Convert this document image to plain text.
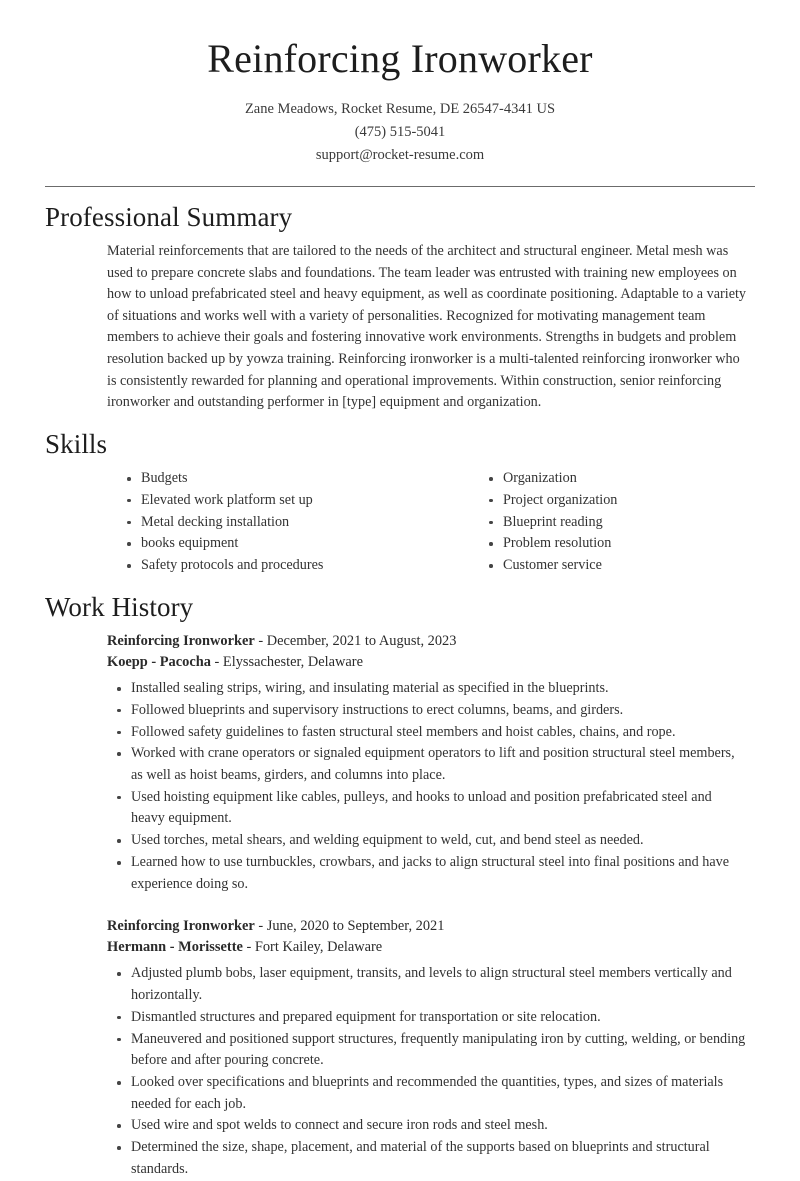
Reinforcing Ironworker
Zane Meadows, Rocket Resume, DE 26547-4341 US
(475) 515-5041
support@rocket-resume.com
Professional Summary

Material reinforcements that are tailored to the needs of the architect and structural engineer. Metal mesh was used to prepare concrete slabs and foundations. The team leader was entrusted with training new employees on how to unload prefabricated steel and heavy equipment, as well as coordinate positioning. Adaptable to a variety of situations and works well with a variety of personalities. Recognized for motivating management team members to achieve their goals and fostering innovative work environments. Strengths in budgets and problem resolution backed up by yowza training. Reinforcing ironworker is a multi-talented reinforcing ironworker who is consistently rewarded for planning and operational improvements. Within construction, senior reinforcing ironworker and outstanding performer in [type] equipment and organization.

Skills
Budgets
Elevated work platform set up
Metal decking installation
books equipment
Safety protocols and procedures
Organization
Project organization
Blueprint reading
Problem resolution
Customer service
Work History
Reinforcing Ironworker - December, 2021 to August, 2023
Koepp - Pacocha - Elyssachester, Delaware
Installed sealing strips, wiring, and insulating material as specified in the blueprints.
Followed blueprints and supervisory instructions to erect columns, beams, and girders.
Followed safety guidelines to fasten structural steel members and hoist cables, chains, and rope.
Worked with crane operators or signaled equipment operators to lift and position structural steel members, as well as hoist beams, girders, and columns into place.
Used hoisting equipment like cables, pulleys, and hooks to unload and position prefabricated steel and heavy equipment.
Used torches, metal shears, and welding equipment to weld, cut, and bend steel as needed.
Learned how to use turnbuckles, crowbars, and jacks to align structural steel into final positions and have experience doing so.
Reinforcing Ironworker - June, 2020 to September, 2021
Hermann - Morissette - Fort Kailey, Delaware
Adjusted plumb bobs, laser equipment, transits, and levels to align structural steel members vertically and horizontally.
Dismantled structures and prepared equipment for transportation or site relocation.
Maneuvered and positioned support structures, frequently manipulating iron by cutting, welding, or bending before and after pouring concrete.
Looked over specifications and blueprints and recommended the quantities, types, and sizes of materials needed for each job.
Used wire and spot welds to connect and secure iron rods and steel mesh.
Determined the size, shape, placement, and material of the supports based on blueprints and structural standards.
